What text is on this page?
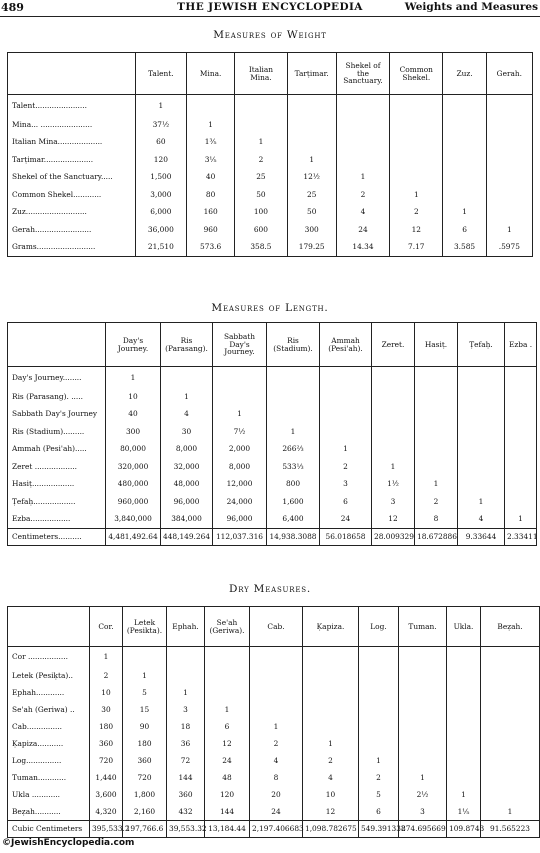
489	THE JEWISH ENCYCLOPEDIA	Weights and Measures
Measures of Weight
	Talent.	Mina.	Italian Mina.	Tarṭimar.	Shekel of the Sanctuary.	Common Shekel.	Zuz.	Gerah.
Talent......................	1							
Mina... ......................	37½	1						
Italian Mina...................	60	1⅗	1					
Tarṭimar.....................	120	3⅕	2	1				
Shekel of the Sanctuary.....	1,500	40	25	12½	1			
Common Shekel............	3,000	80	50	25	2	1		
Zuz..........................	6,000	160	100	50	4	2	1	
Gerah........................	36,000	960	600	300	24	12	6	1
Grams.........................	21,510	573.6	358.5	179.25	14.34	7.17	3.585	.5975
Measures of Length.
	Day's Journey.	Ris (Parasang).	Sabbath Day's Journey.	Ris (Stadium).	Ammah (Pesi'ah).	Zeret.	Hasiṭ.	Ṭefaḥ.	Ezba .
Day's Journey........	1								
Ris (Parasang). .....	10	1							
Sabbath Day's Journey	40	4	1						
Ris (Stadium).........	300	30	7½	1					
Ammah (Pesi'ah).....	80,000	8,000	2,000	266⅔	1				
Zeret ..................	320,000	32,000	8,000	533⅓	2	1			
Hasiṭ..................	480,000	48,000	12,000	800	3	1½	1		
Ṭefaḥ..................	960,000	96,000	24,000	1,600	6	3	2	1	
Ezba.................	3,840,000	384,000	96,000	6,400	24	12	8	4	1
Centimeters..........	4,481,492.64	448,149.264	112,037.316	14,938.3088	56.018658	28.009329	18.672886	9.33644	2.33411
Dry Measures.
	Cor.	Letek (Pesikta).	Ephah.	Se'ah (Geriwa).	Cab.	Ḳapiza.	Log.	Tuman.	Ukla.	Beẓah.
Cor .................	1									
Letek (Pesiḳta)..	2	1								
Ephah............	10	5	1							
Se'ah (Geriwa) ..	30	15	3	1						
Cab...............	180	90	18	6	1					
Ḳapiza...........	360	180	36	12	2	1				
Log...............	720	360	72	24	4	2	1			
Tuman............	1,440	720	144	48	8	4	2	1		
Ukla ............	3,600	1,800	360	120	20	10	5	2½	1	
Beẓah...........	4,320	2,160	432	144	24	12	6	3	1⅕	1
Cubic Centimeters	395,533.2	197,766.6	39,553.32	13,184.44	2,197.406683	1,098.782675	549.391338	274.695669	109.8743	91.565223
©JewishEncyclopedia.com
